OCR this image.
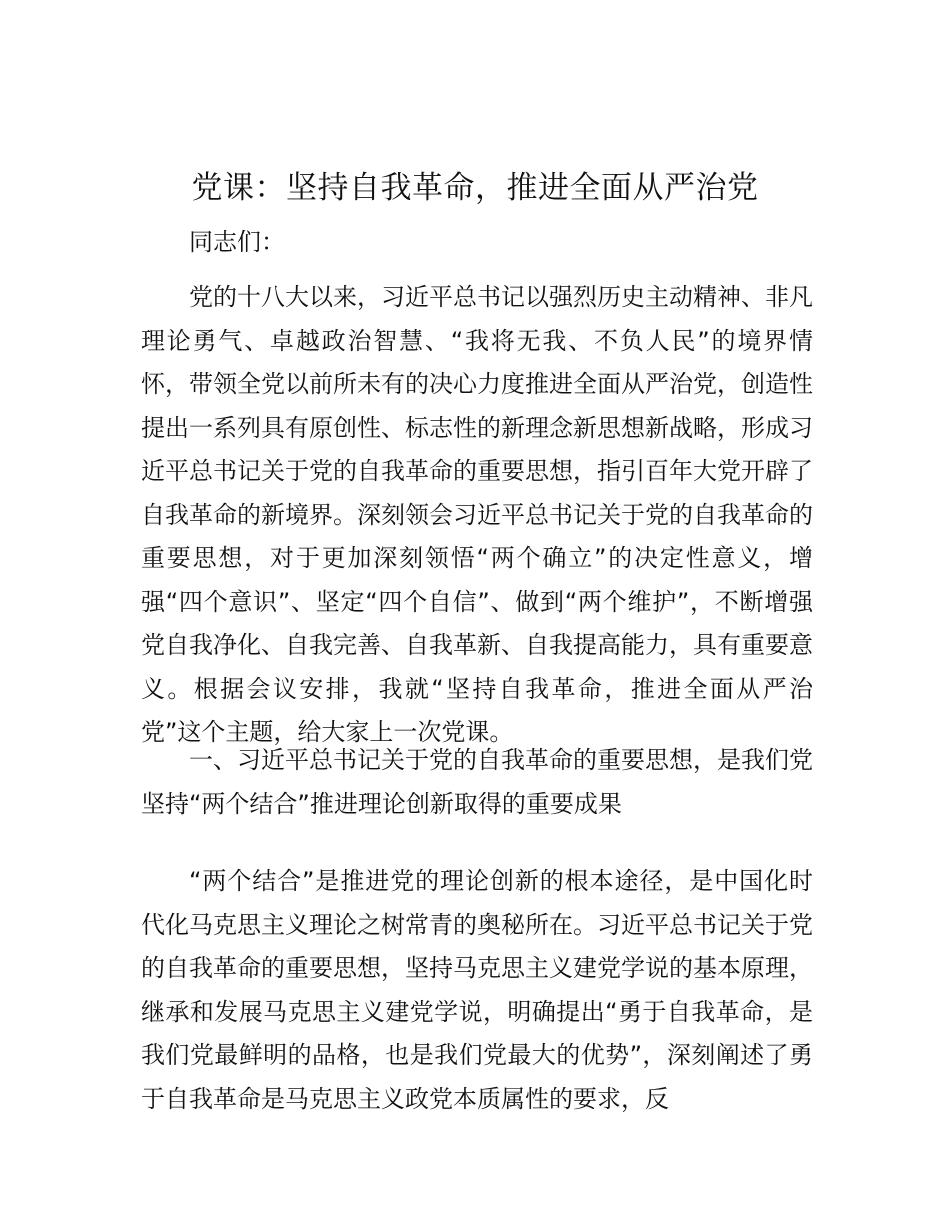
党课：坚持自我革命，推进全面从严治党

同志们：

党的十八大以来，习近平总书记以强烈历史主动精神、非凡理论勇气、卓越政治智慧、“我将无我、不负人民”的境界情怀，带领全党以前所未有的决心力度推进全面从严治党，创造性提出一系列具有原创性、标志性的新理念新思想新战略，形成习近平总书记关于党的自我革命的重要思想，指引百年大党开辟了自我革命的新境界。深刻领会习近平总书记关于党的自我革命的重要思想，对于更加深刻领悟“两个确立”的决定性意义，增强“四个意识”、坚定“四个自信”、做到“两个维护”，不断增强党自我净化、自我完善、自我革新、自我提高能力，具有重要意义。根据会议安排，我就“坚持自我革命，推进全面从严治党”这个主题，给大家上一次党课。

一、习近平总书记关于党的自我革命的重要思想，是我们党坚持“两个结合”推进理论创新取得的重要成果

“两个结合”是推进党的理论创新的根本途径，是中国化时代化马克思主义理论之树常青的奥秘所在。习近平总书记关于党的自我革命的重要思想，坚持马克思主义建党学说的基本原理，继承和发展马克思主义建党学说，明确提出“勇于自我革命，是我们党最鲜明的品格，也是我们党最大的优势”，深刻阐述了勇于自我革命是马克思主义政党本质属性的要求，反
